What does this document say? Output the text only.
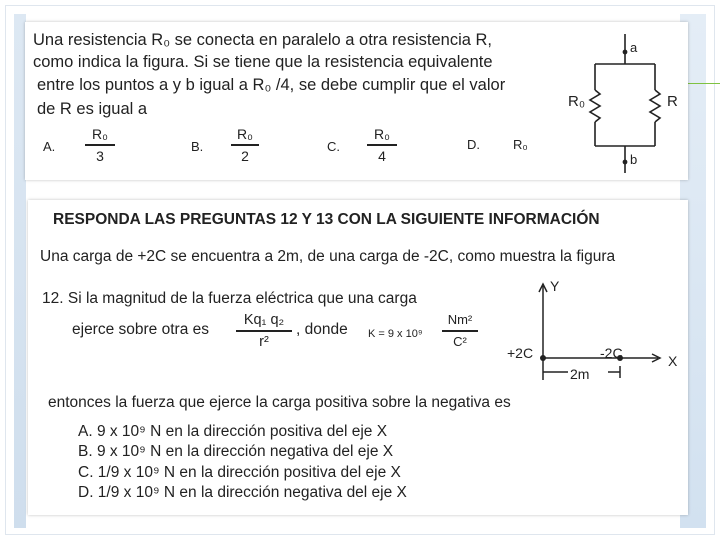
Una resistencia R₀ se conecta en paralelo a otra resistencia R,
como indica la figura. Si se tiene que la resistencia equivalente
entre los puntos a y b igual a R₀ /4, se debe cumplir que el valor
de R es igual a
A.
R₀
3
B.
R₀
2
C.
R₀
4
D.	R₀
a
b
R₀	R
RESPONDA LAS PREGUNTAS 12 Y 13 CON LA SIGUIENTE INFORMACIÓN
Una carga de +2C se encuentra a 2m, de una carga de -2C, como muestra la figura
12. Si la magnitud de la fuerza eléctrica que una carga
ejerce sobre otra es
Kq₁ q₂
r²
, donde K = 9 x 10⁹
Nm²
C²
Y
X
+2C	-2C
2m
entonces la fuerza que ejerce la carga positiva sobre la negativa es
A. 9 x 10⁹ N en la dirección positiva del eje X
B. 9 x 10⁹ N en la dirección negativa del eje X
C. 1/9 x 10⁹ N en la dirección positiva del eje X
D. 1/9 x 10⁹ N en la dirección negativa del eje X
